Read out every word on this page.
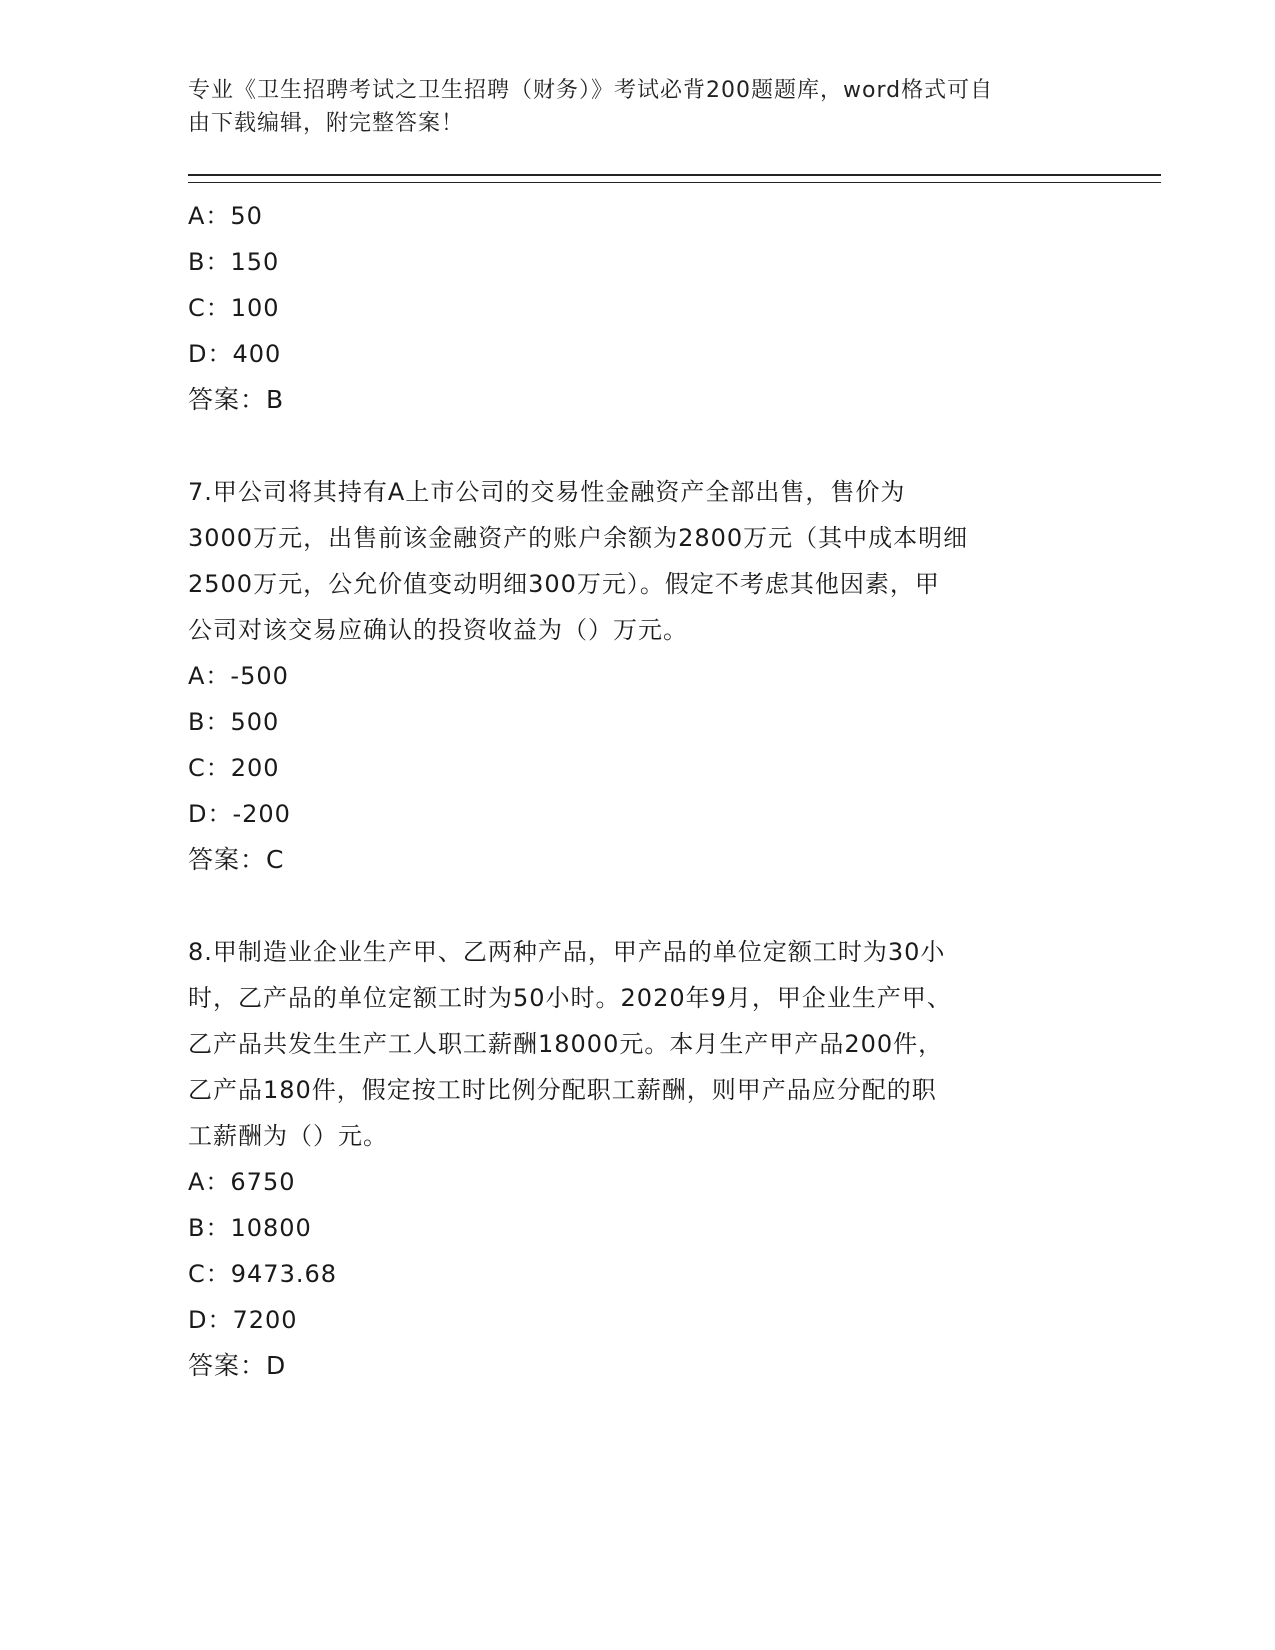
专业《卫生招聘考试之卫生招聘（财务）》考试必背200题题库，word格式可自
由下载编辑，附完整答案！
A：50
B：150
C：100
D：400
答案：B
7.甲公司将其持有A上市公司的交易性金融资产全部出售，售价为
3000万元，出售前该金融资产的账户余额为2800万元（其中成本明细
2500万元，公允价值变动明细300万元）。假定不考虑其他因素，甲
公司对该交易应确认的投资收益为（）万元。
A：-500
B：500
C：200
D：-200
答案：C
8.甲制造业企业生产甲、乙两种产品，甲产品的单位定额工时为30小
时，乙产品的单位定额工时为50小时。2020年9月，甲企业生产甲、
乙产品共发生生产工人职工薪酬18000元。本月生产甲产品200件，
乙产品180件，假定按工时比例分配职工薪酬，则甲产品应分配的职
工薪酬为（）元。
A：6750
B：10800
C：9473.68
D：7200
答案：D
